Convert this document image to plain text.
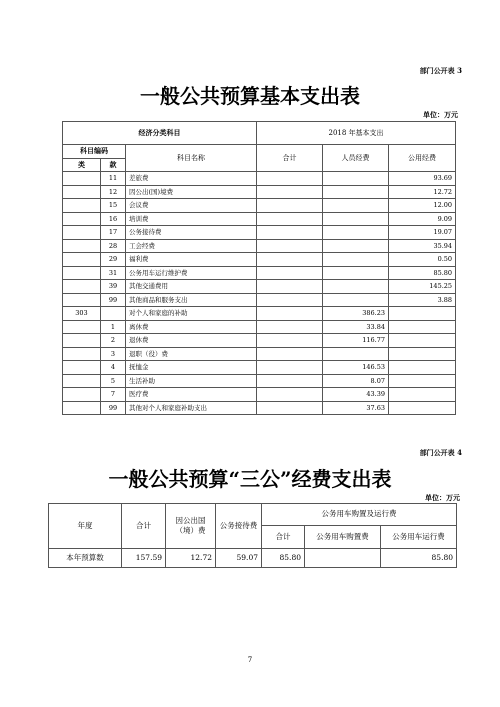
部门公开表 3
一般公共预算基本支出表
单位：万元
经济分类科目			2018 年基本支出		
科目编码		科目名称	合计	人员经费	公用经费
类	款				
	11	差旅费			93.69
	12	因公出(国)境费			12.72
	15	会议费			12.00
	16	培训费			9.09
	17	公务接待费			19.07
	28	工会经费			35.94
	29	福利费			0.50
	31	公务用车运行维护费			85.80
	39	其他交通费用			145.25
	99	其他商品和服务支出			3.88
303		对个人和家庭的补助		386.23	
	1	离休费		33.84	
	2	退休费		116.77	
	3	退职（役）费			
	4	抚恤金		146.53	
	5	生活补助		8.07	
	7	医疗费		43.39	
	99	其他对个人和家庭补助支出		37.63	
部门公开表 4
一般公共预算“三公”经费支出表
单位：万元
年度	合计	因公出国（境）费	公务接待费	公务用车购置及运行费		
				合计	公务用车购置费	公务用车运行费
本年预算数	157.59	12.72	59.07	85.80		85.80
7
